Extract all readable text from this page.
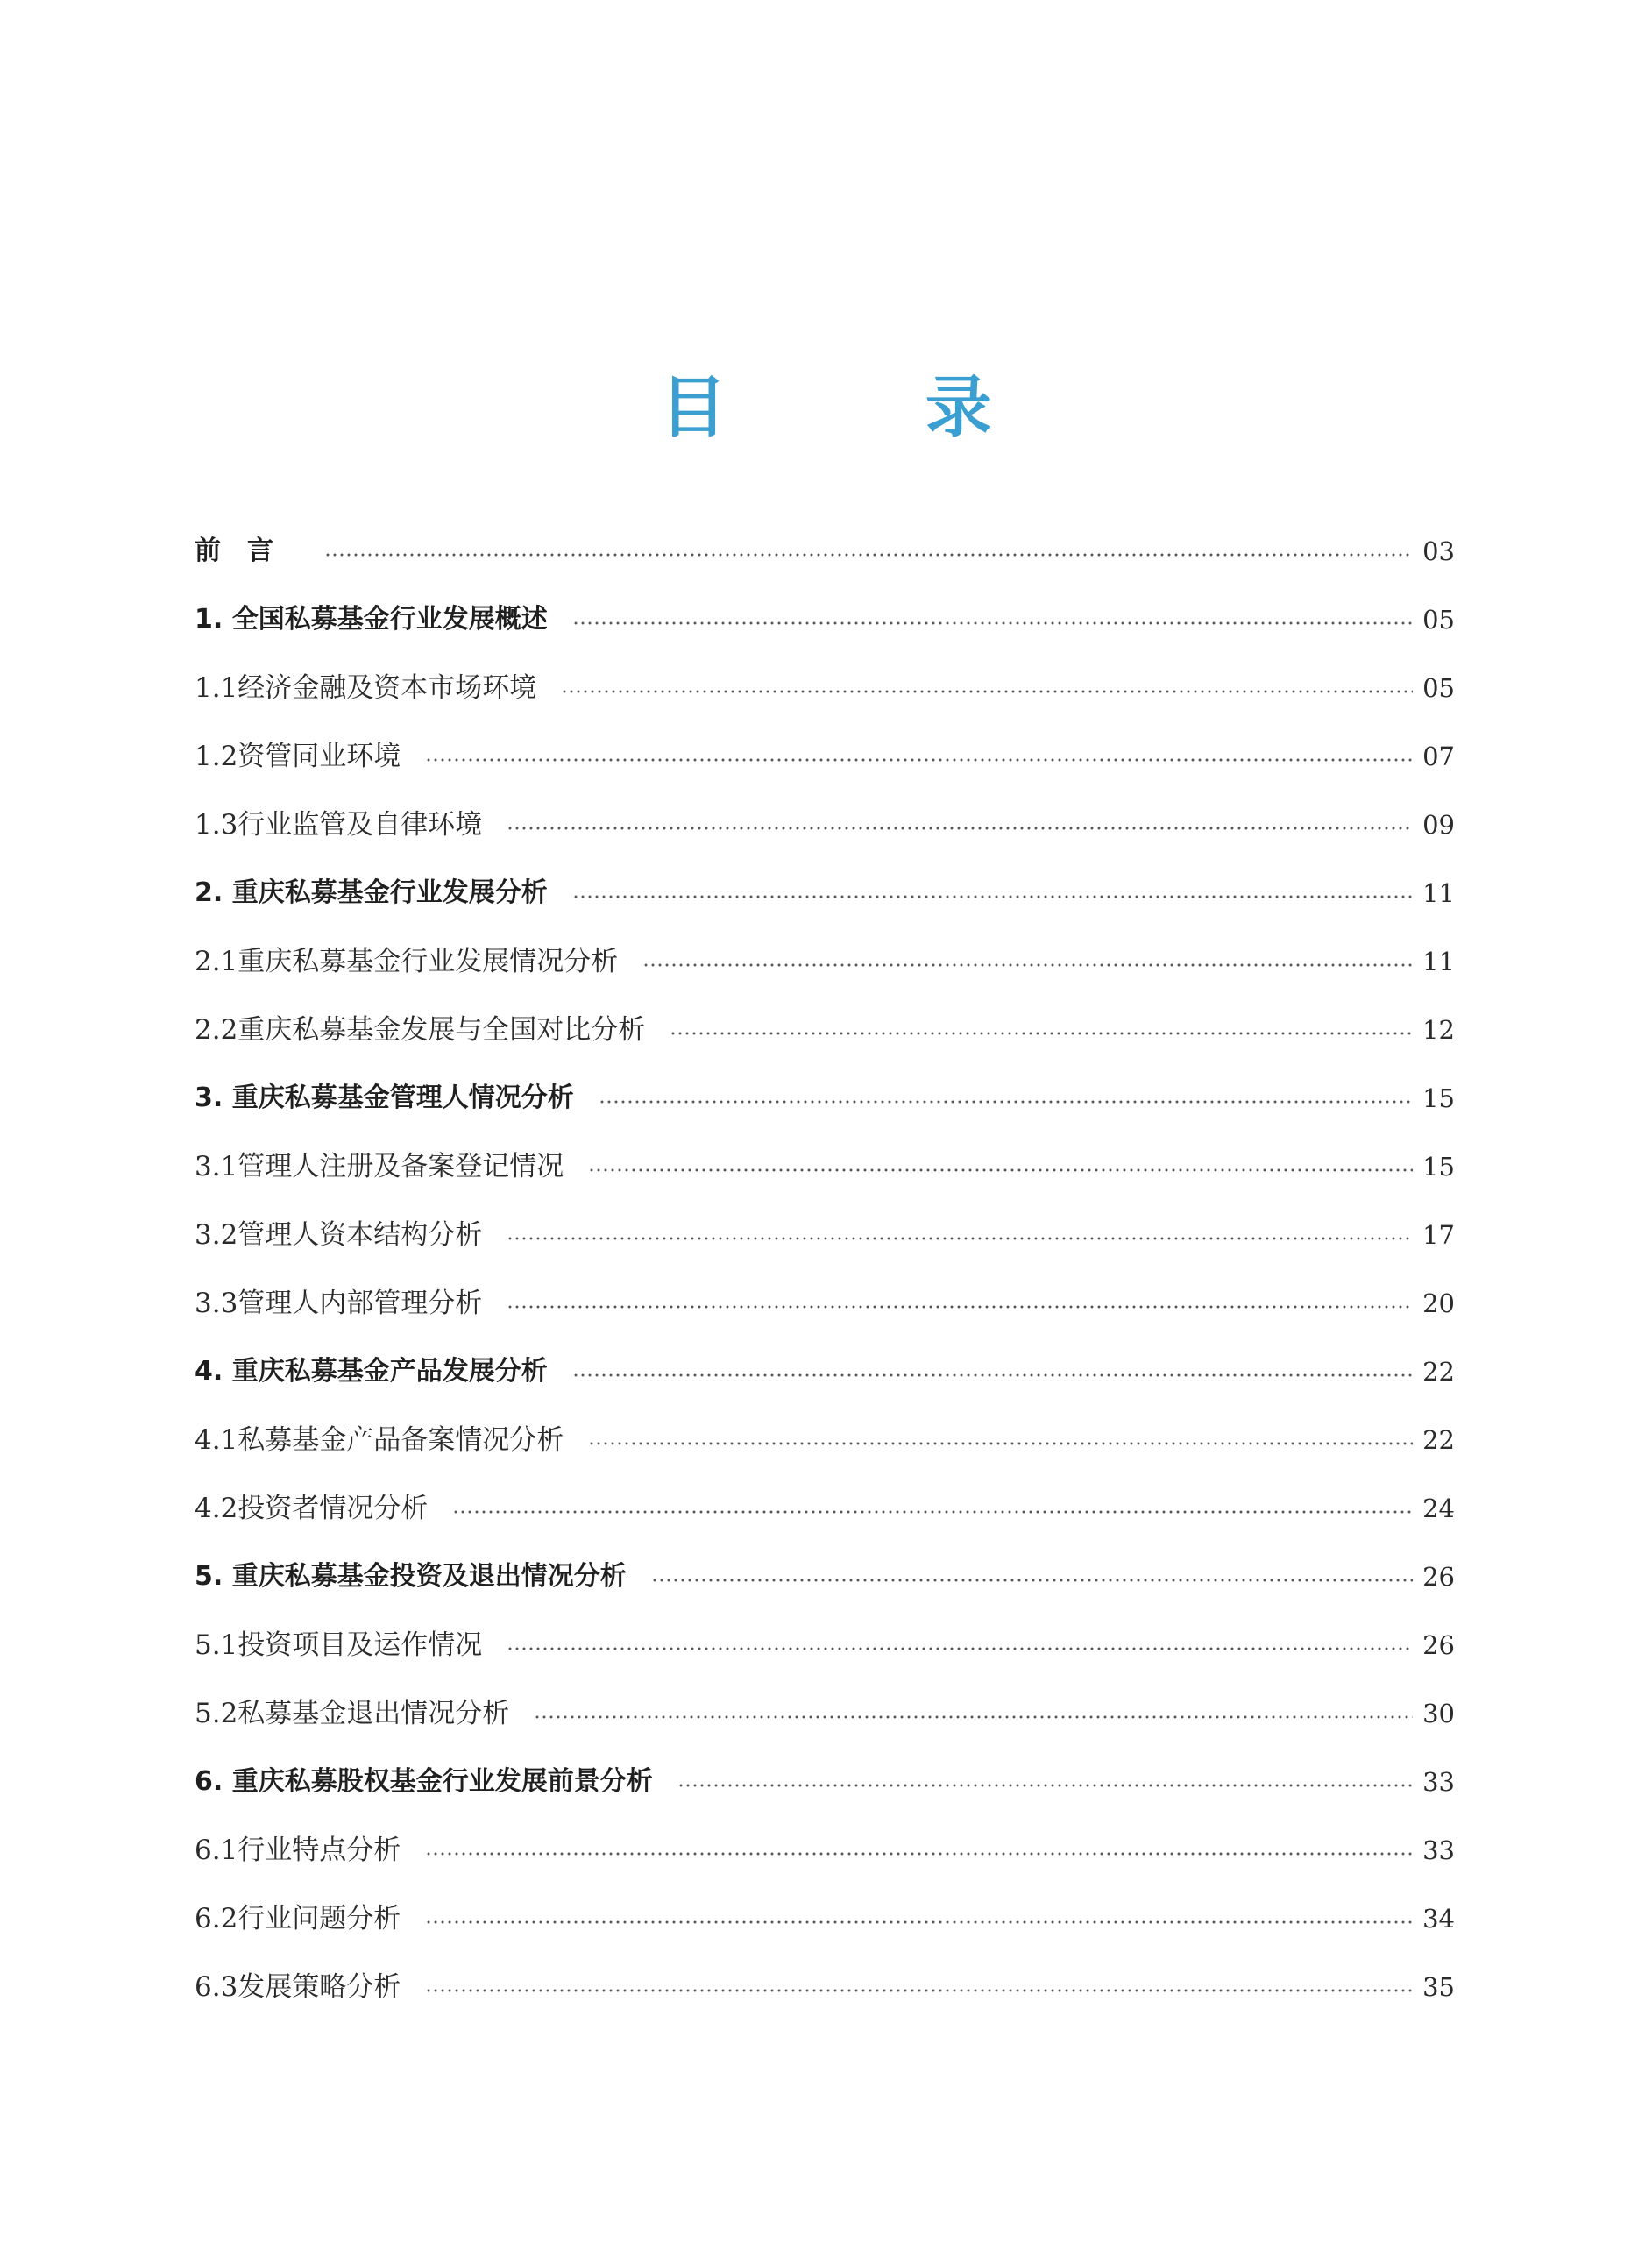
目 录
前言	03
1. 全国私募基金行业发展概述	05
1.1经济金融及资本市场环境	05
1.2资管同业环境	07
1.3行业监管及自律环境	09
2. 重庆私募基金行业发展分析	11
2.1重庆私募基金行业发展情况分析	11
2.2重庆私募基金发展与全国对比分析	12
3. 重庆私募基金管理人情况分析	15
3.1管理人注册及备案登记情况	15
3.2管理人资本结构分析	17
3.3管理人内部管理分析	20
4. 重庆私募基金产品发展分析	22
4.1私募基金产品备案情况分析	22
4.2投资者情况分析	24
5. 重庆私募基金投资及退出情况分析	26
5.1投资项目及运作情况	26
5.2私募基金退出情况分析	30
6. 重庆私募股权基金行业发展前景分析	33
6.1行业特点分析	33
6.2行业问题分析	34
6.3发展策略分析	35
